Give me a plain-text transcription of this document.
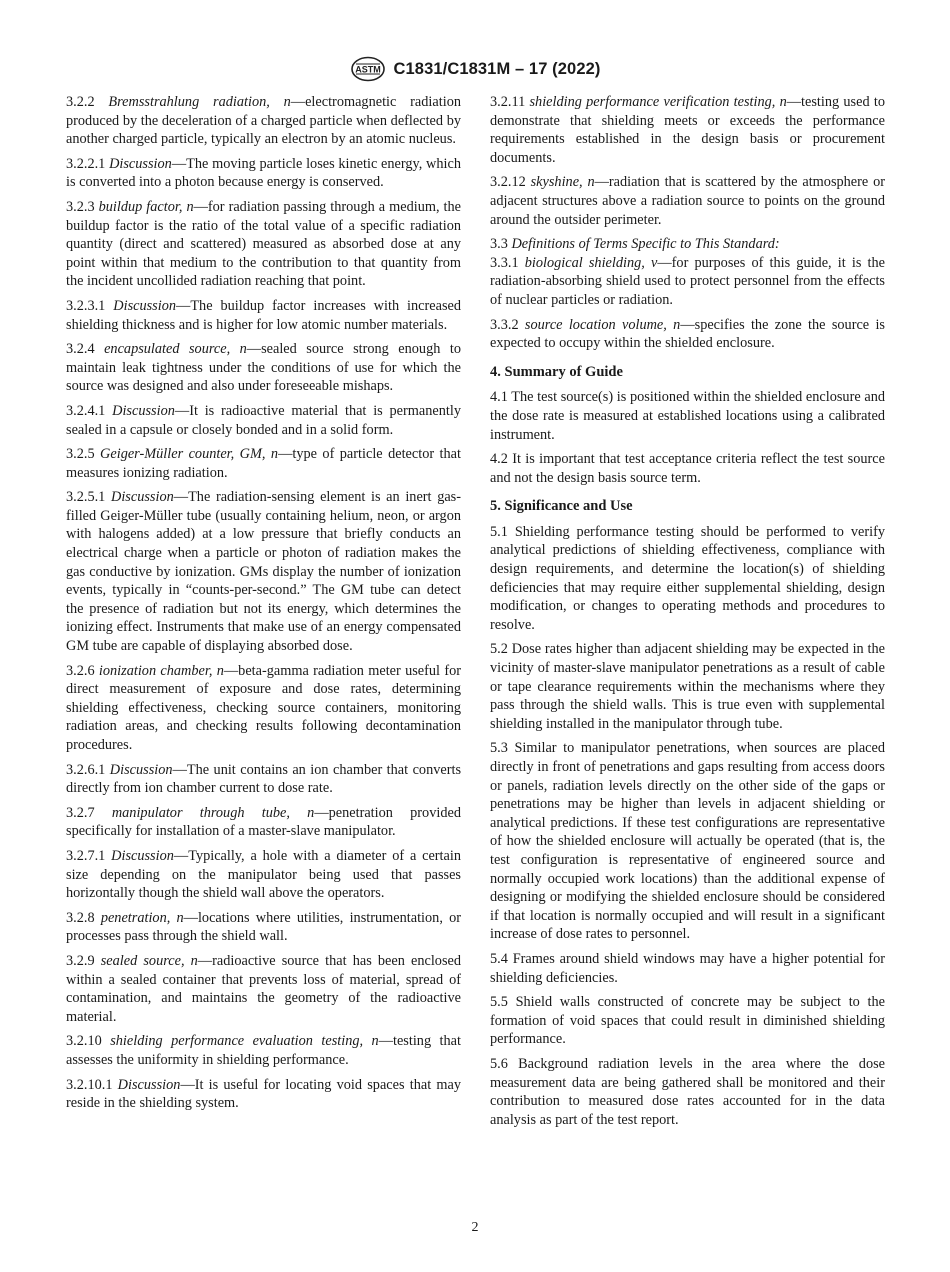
ASTM C1831/C1831M – 17 (2022)

3.2.2 Bremsstrahlung radiation, n—electromagnetic radiation produced by the deceleration of a charged particle when deflected by another charged particle, typically an electron by an atomic nucleus.

3.2.2.1 Discussion—The moving particle loses kinetic energy, which is converted into a photon because energy is conserved.

3.2.3 buildup factor, n—for radiation passing through a medium, the buildup factor is the ratio of the total value of a specific radiation quantity (direct and scattered) measured as absorbed dose at any point within that medium to the contribution to that quantity from the incident uncollided radiation reaching that point.

3.2.3.1 Discussion—The buildup factor increases with increased shielding thickness and is higher for low atomic number materials.

3.2.4 encapsulated source, n—sealed source strong enough to maintain leak tightness under the conditions of use for which the source was designed and also under foreseeable mishaps.

3.2.4.1 Discussion—It is radioactive material that is permanently sealed in a capsule or closely bonded and in a solid form.

3.2.5 Geiger-Müller counter, GM, n—type of particle detector that measures ionizing radiation.

3.2.5.1 Discussion—The radiation-sensing element is an inert gas-filled Geiger-Müller tube (usually containing helium, neon, or argon with halogens added) at a low pressure that briefly conducts an electrical charge when a particle or photon of radiation makes the gas conductive by ionization. GMs display the number of ionization events, typically in “counts-per-second.” The GM tube can detect the presence of radiation but not its energy, which determines the ionizing effect. Instruments that make use of an energy compensated GM tube are capable of displaying absorbed dose.

3.2.6 ionization chamber, n—beta-gamma radiation meter useful for direct measurement of exposure and dose rates, determining shielding effectiveness, checking source containers, monitoring radiation areas, and checking results following decontamination procedures.

3.2.6.1 Discussion—The unit contains an ion chamber that converts directly from ion chamber current to dose rate.

3.2.7 manipulator through tube, n—penetration provided specifically for installation of a master-slave manipulator.

3.2.7.1 Discussion—Typically, a hole with a diameter of a certain size depending on the manipulator being used that passes horizontally though the shield wall above the operators.

3.2.8 penetration, n—locations where utilities, instrumentation, or processes pass through the shield wall.

3.2.9 sealed source, n—radioactive source that has been enclosed within a sealed container that prevents loss of material, spread of contamination, and maintains the geometry of the radioactive material.

3.2.10 shielding performance evaluation testing, n—testing that assesses the uniformity in shielding performance.

3.2.10.1 Discussion—It is useful for locating void spaces that may reside in the shielding system.

3.2.11 shielding performance verification testing, n—testing used to demonstrate that shielding meets or exceeds the performance requirements established in the design basis or procurement documents.

3.2.12 skyshine, n—radiation that is scattered by the atmosphere or adjacent structures above a radiation source to points on the ground around the outsider perimeter.

3.3 Definitions of Terms Specific to This Standard:

3.3.1 biological shielding, v—for purposes of this guide, it is the radiation-absorbing shield used to protect personnel from the effects of nuclear particles or radiation.

3.3.2 source location volume, n—specifies the zone the source is expected to occupy within the shielded enclosure.

4. Summary of Guide

4.1 The test source(s) is positioned within the shielded enclosure and the dose rate is measured at established locations using a calibrated instrument.

4.2 It is important that test acceptance criteria reflect the test source and not the design basis source term.

5. Significance and Use

5.1 Shielding performance testing should be performed to verify analytical predictions of shielding effectiveness, compliance with design requirements, and determine the location(s) of shielding deficiencies that may require either supplemental shielding, design modification, or changes to operating methods and procedures to resolve.

5.2 Dose rates higher than adjacent shielding may be expected in the vicinity of master-slave manipulator penetrations as a result of cable or tape clearance requirements within the mechanisms where they pass through the shield walls. This is true even with supplemental shielding installed in the manipulator through tube.

5.3 Similar to manipulator penetrations, when sources are placed directly in front of penetrations and gaps resulting from access doors or panels, radiation levels directly on the other side of the gaps or penetrations may be higher than levels in adjacent shielding or analytical predictions. If these test configurations are representative of how the shielded enclosure will actually be operated (that is, the test configuration is representative of engineered source and normally occupied work locations) than the additional expense of designing or modifying the shielded enclosure should be considered if that location is normally occupied and will result in a significant increase of dose rates to personnel.

5.4 Frames around shield windows may have a higher potential for shielding deficiencies.

5.5 Shield walls constructed of concrete may be subject to the formation of void spaces that could result in diminished shielding performance.

5.6 Background radiation levels in the area where the dose measurement data are being gathered shall be monitored and their contribution to measured dose rates accounted for in the data analysis as part of the test report.

2
